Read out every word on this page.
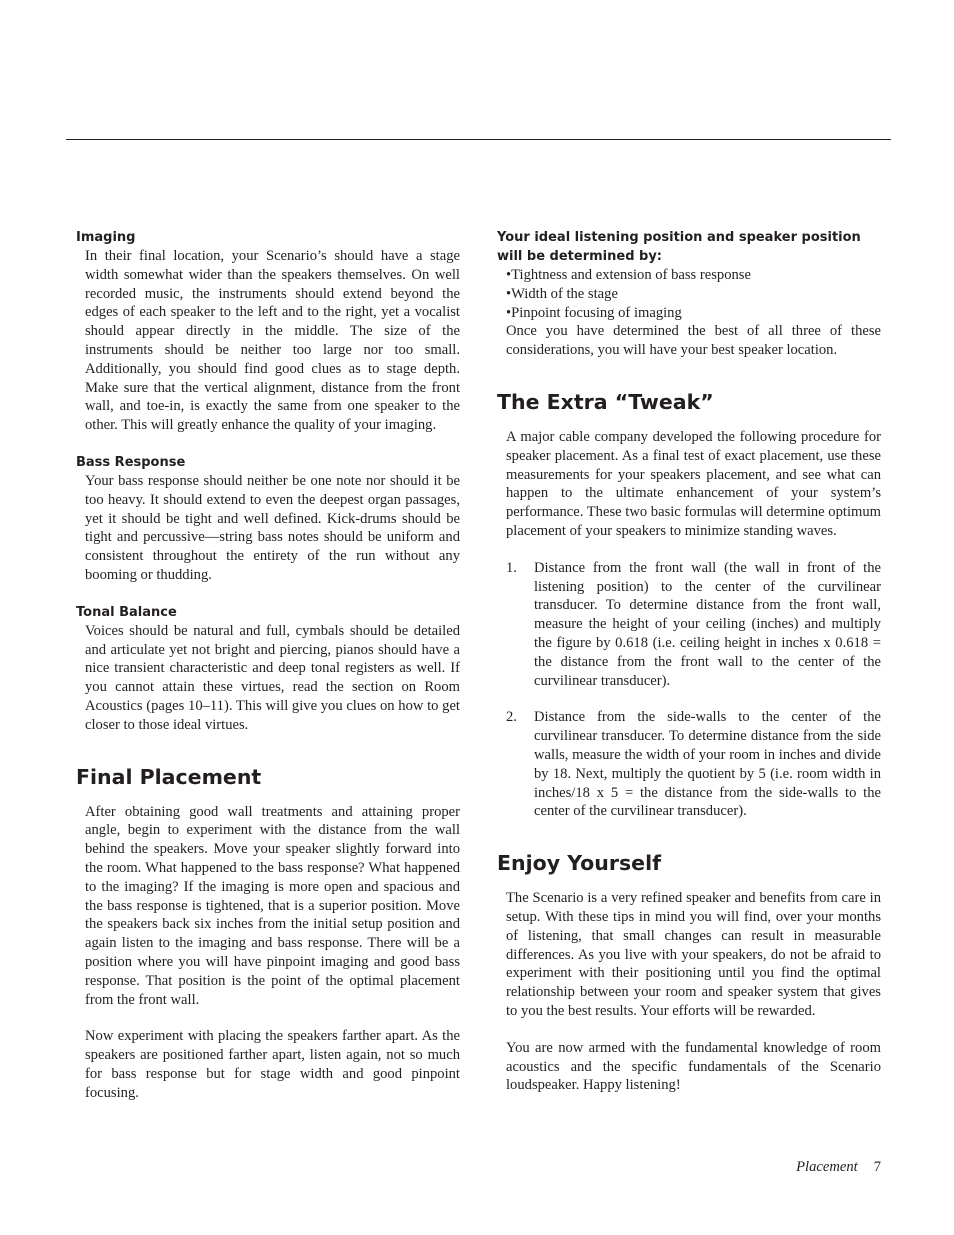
Imaging

In their final location, your Scenario’s should have a stage width somewhat wider than the speakers themselves. On well recorded music, the instruments should extend beyond the edges of each speaker to the left and to the right, yet a vocalist should appear directly in the middle. The size of the instruments should be neither too large nor too small. Additionally, you should find good clues as to stage depth. Make sure that the vertical alignment, distance from the front wall, and toe-in, is exactly the same from one speaker to the other. This will greatly enhance the quality of your imaging.

Bass Response

Your bass response should neither be one note nor should it be too heavy. It should extend to even the deepest organ passages, yet it should be tight and well defined. Kick-drums should be tight and percussive—string bass notes should be uniform and consistent throughout the entirety of the run without any booming or thudding.

Tonal Balance

Voices should be natural and full, cymbals should be detailed and articulate yet not bright and piercing, pianos should have a nice transient characteristic and deep tonal registers as well. If you cannot attain these virtues, read the section on Room Acoustics (pages 10–11). This will give you clues on how to get closer to those ideal virtues.

Final Placement

After obtaining good wall treatments and attaining proper angle, begin to experiment with the distance from the wall behind the speakers. Move your speaker slightly forward into the room. What happened to the bass response? What happened to the imaging? If the imaging is more open and spacious and the bass response is tightened, that is a superior position. Move the speakers back six inches from the initial setup position and again listen to the imaging and bass response. There will be a position where you will have pinpoint imaging and good bass response. That position is the point of the optimal placement from the front wall.

Now experiment with placing the speakers farther apart. As the speakers are positioned farther apart, listen again, not so much for bass response but for stage width and good pinpoint focusing.

Your ideal listening position and speaker position will be determined by:

•Tightness and extension of bass response

•Width of the stage

•Pinpoint focusing of imaging

Once you have determined the best of all three of these considerations, you will have your best speaker location.

The Extra “Tweak”

A major cable company developed the following procedure for speaker placement. As a final test of exact placement, use these measurements for your speakers placement, and see what can happen to the ultimate enhancement of your system’s performance. These two basic formulas will determine optimum placement of your speakers to minimize standing waves.

1. Distance from the front wall (the wall in front of the listening position) to the center of the curvilinear transducer. To determine distance from the front wall, measure the height of your ceiling (inches) and multiply the figure by 0.618 (i.e. ceiling height in inches x 0.618 = the distance from the front wall to the center of the curvilinear transducer).

2. Distance from the side-walls to the center of the curvilinear transducer. To determine distance from the side walls, measure the width of your room in inches and divide by 18. Next, multiply the quotient by 5 (i.e. room width in inches/18 x 5 = the distance from the side-walls to the center of the curvilinear transducer).

Enjoy Yourself

The Scenario is a very refined speaker and benefits from care in setup. With these tips in mind you will find, over your months of listening, that small changes can result in measurable differences. As you live with your speakers, do not be afraid to experiment with their positioning until you find the optimal relationship between your room and speaker system that gives to you the best results. Your efforts will be rewarded.

You are now armed with the fundamental knowledge of room acoustics and the specific fundamentals of the Scenario loudspeaker. Happy listening!

Placement 7
